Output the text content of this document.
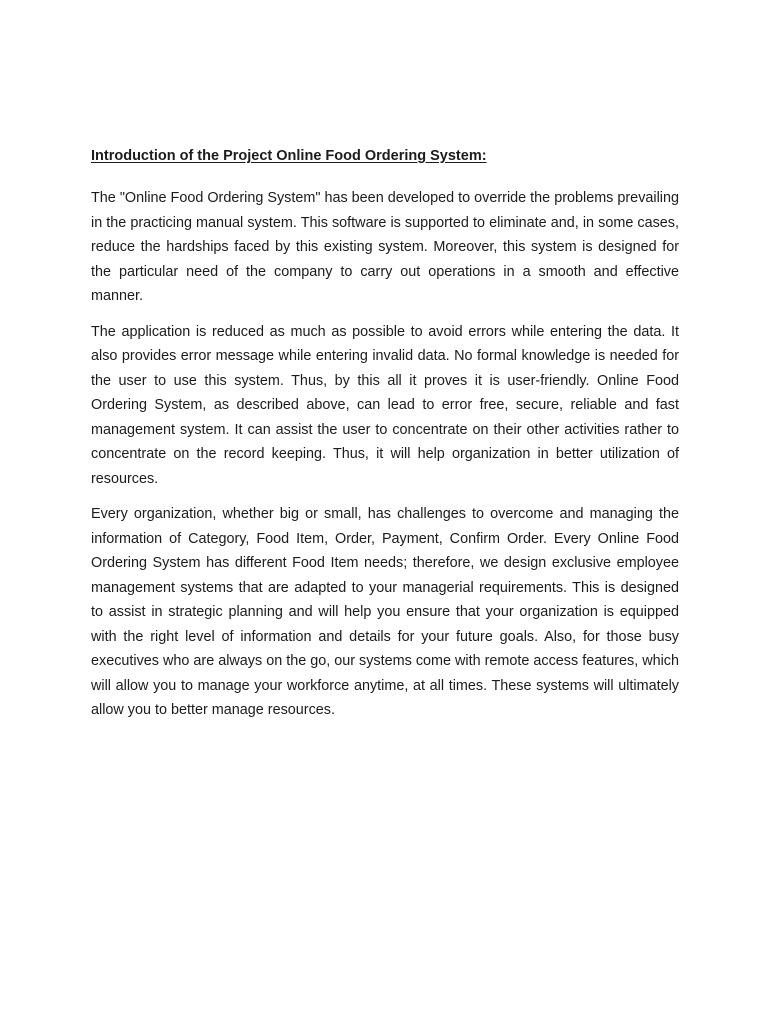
Introduction of the Project Online Food Ordering System:

The "Online Food Ordering System" has been developed to override the problems prevailing in the practicing manual system. This software is supported to eliminate and, in some cases, reduce the hardships faced by this existing system. Moreover, this system is designed for the particular need of the company to carry out operations in a smooth and effective manner.

The application is reduced as much as possible to avoid errors while entering the data. It also provides error message while entering invalid data. No formal knowledge is needed for the user to use this system. Thus, by this all it proves it is user-friendly. Online Food Ordering System, as described above, can lead to error free, secure, reliable and fast management system. It can assist the user to concentrate on their other activities rather to concentrate on the record keeping. Thus, it will help organization in better utilization of resources.

Every organization, whether big or small, has challenges to overcome and managing the information of Category, Food Item, Order, Payment, Confirm Order. Every Online Food Ordering System has different Food Item needs; therefore, we design exclusive employee management systems that are adapted to your managerial requirements. This is designed to assist in strategic planning and will help you ensure that your organization is equipped with the right level of information and details for your future goals. Also, for those busy executives who are always on the go, our systems come with remote access features, which will allow you to manage your workforce anytime, at all times. These systems will ultimately allow you to better manage resources.
